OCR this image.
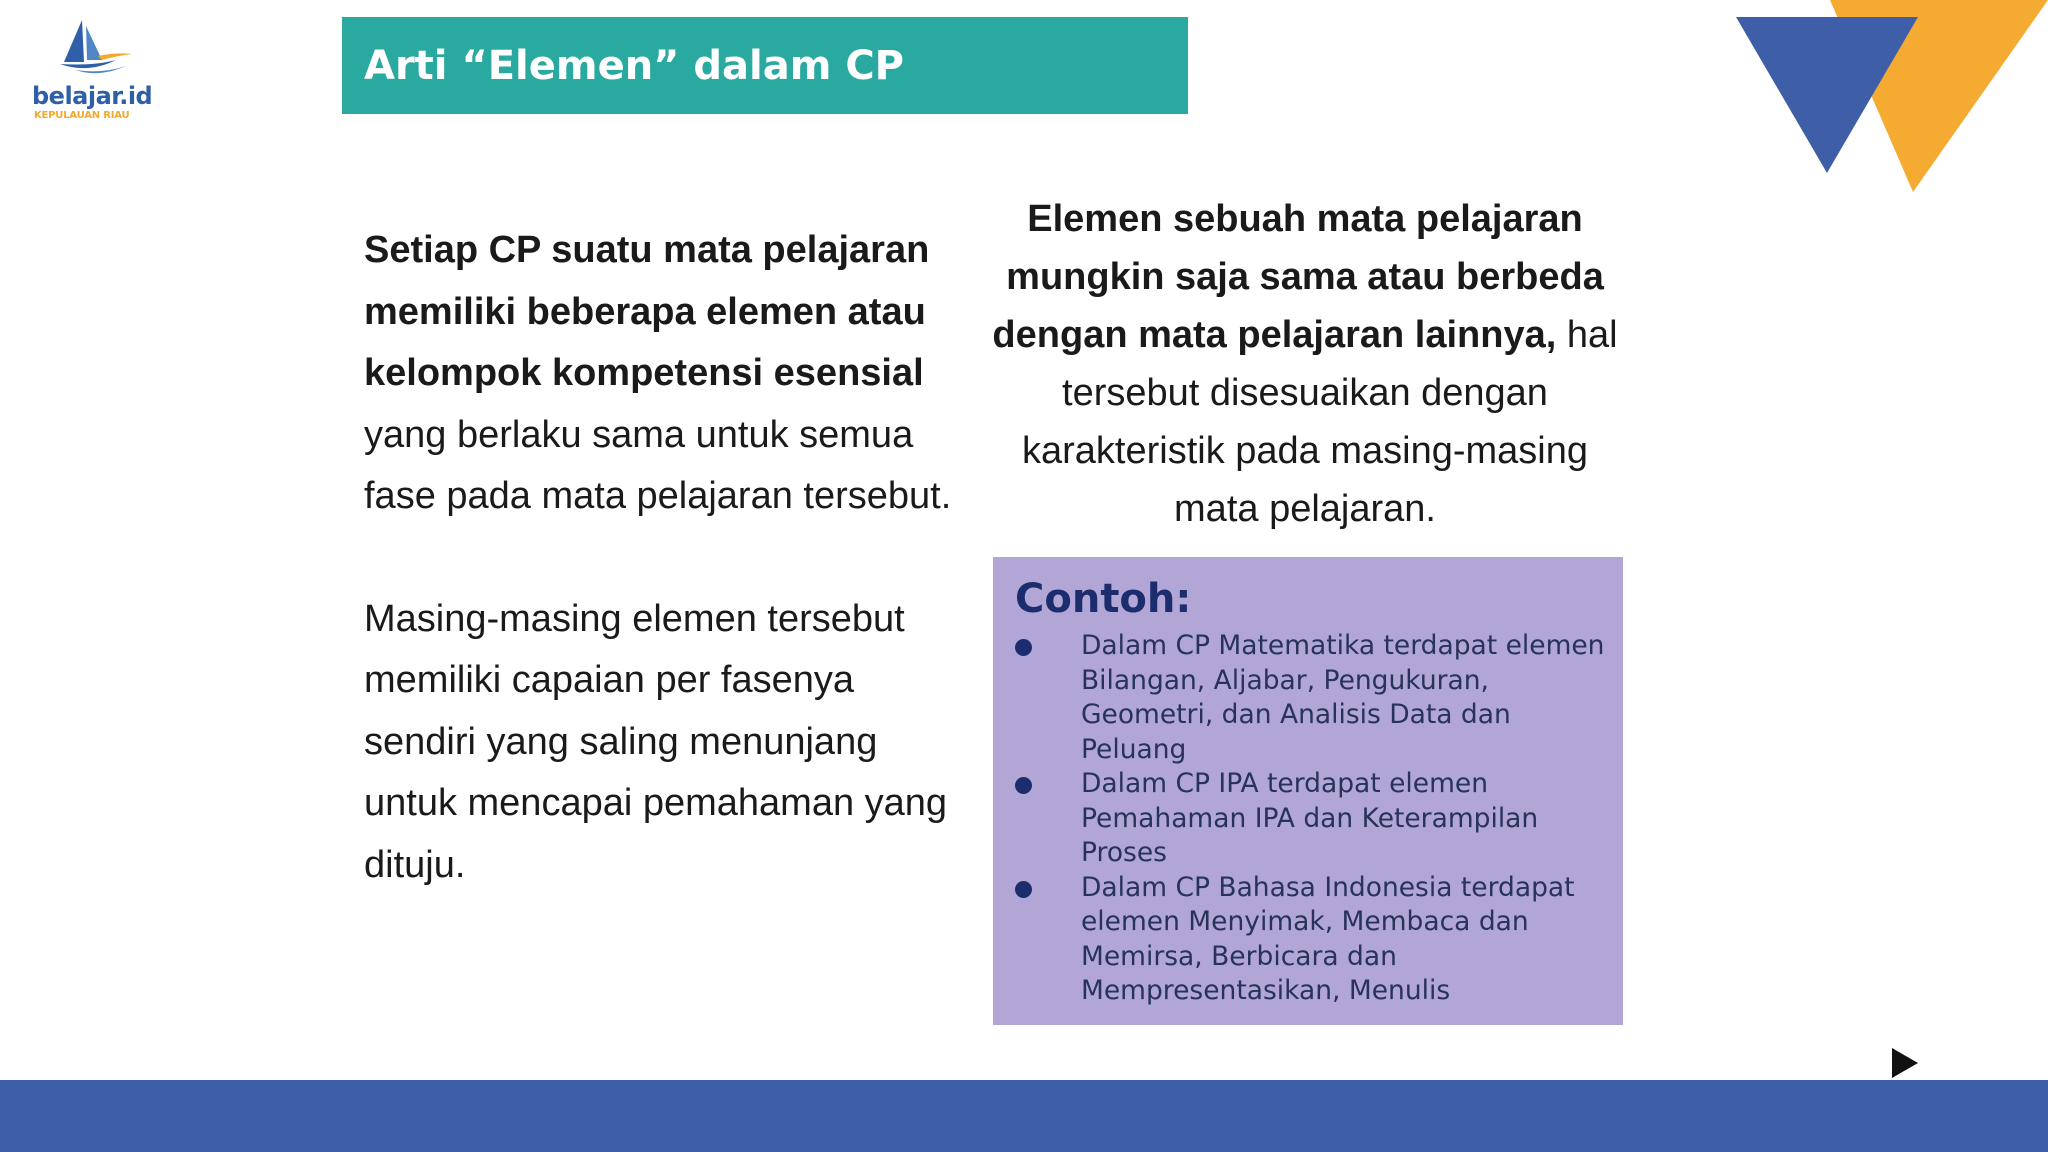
belajar.id
KEPULAUAN RIAU
Arti “Elemen” dalam CP

Setiap CP suatu mata pelajaran memiliki beberapa elemen atau kelompok kompetensi esensial yang berlaku sama untuk semua fase pada mata pelajaran tersebut.

Masing-masing elemen tersebut memiliki capaian per fasenya sendiri yang saling menunjang untuk mencapai pemahaman yang dituju.

Elemen sebuah mata pelajaran mungkin saja sama atau berbeda dengan mata pelajaran lainnya, hal tersebut disesuaikan dengan karakteristik pada masing-masing mata pelajaran.
Contoh:
Dalam CP Matematika terdapat elemen Bilangan, Aljabar, Pengukuran, Geometri, dan Analisis Data dan Peluang
Dalam CP IPA terdapat elemen Pemahaman IPA dan Keterampilan Proses
Dalam CP Bahasa Indonesia terdapat elemen Menyimak, Membaca dan Memirsa, Berbicara dan Mempresentasikan, Menulis
